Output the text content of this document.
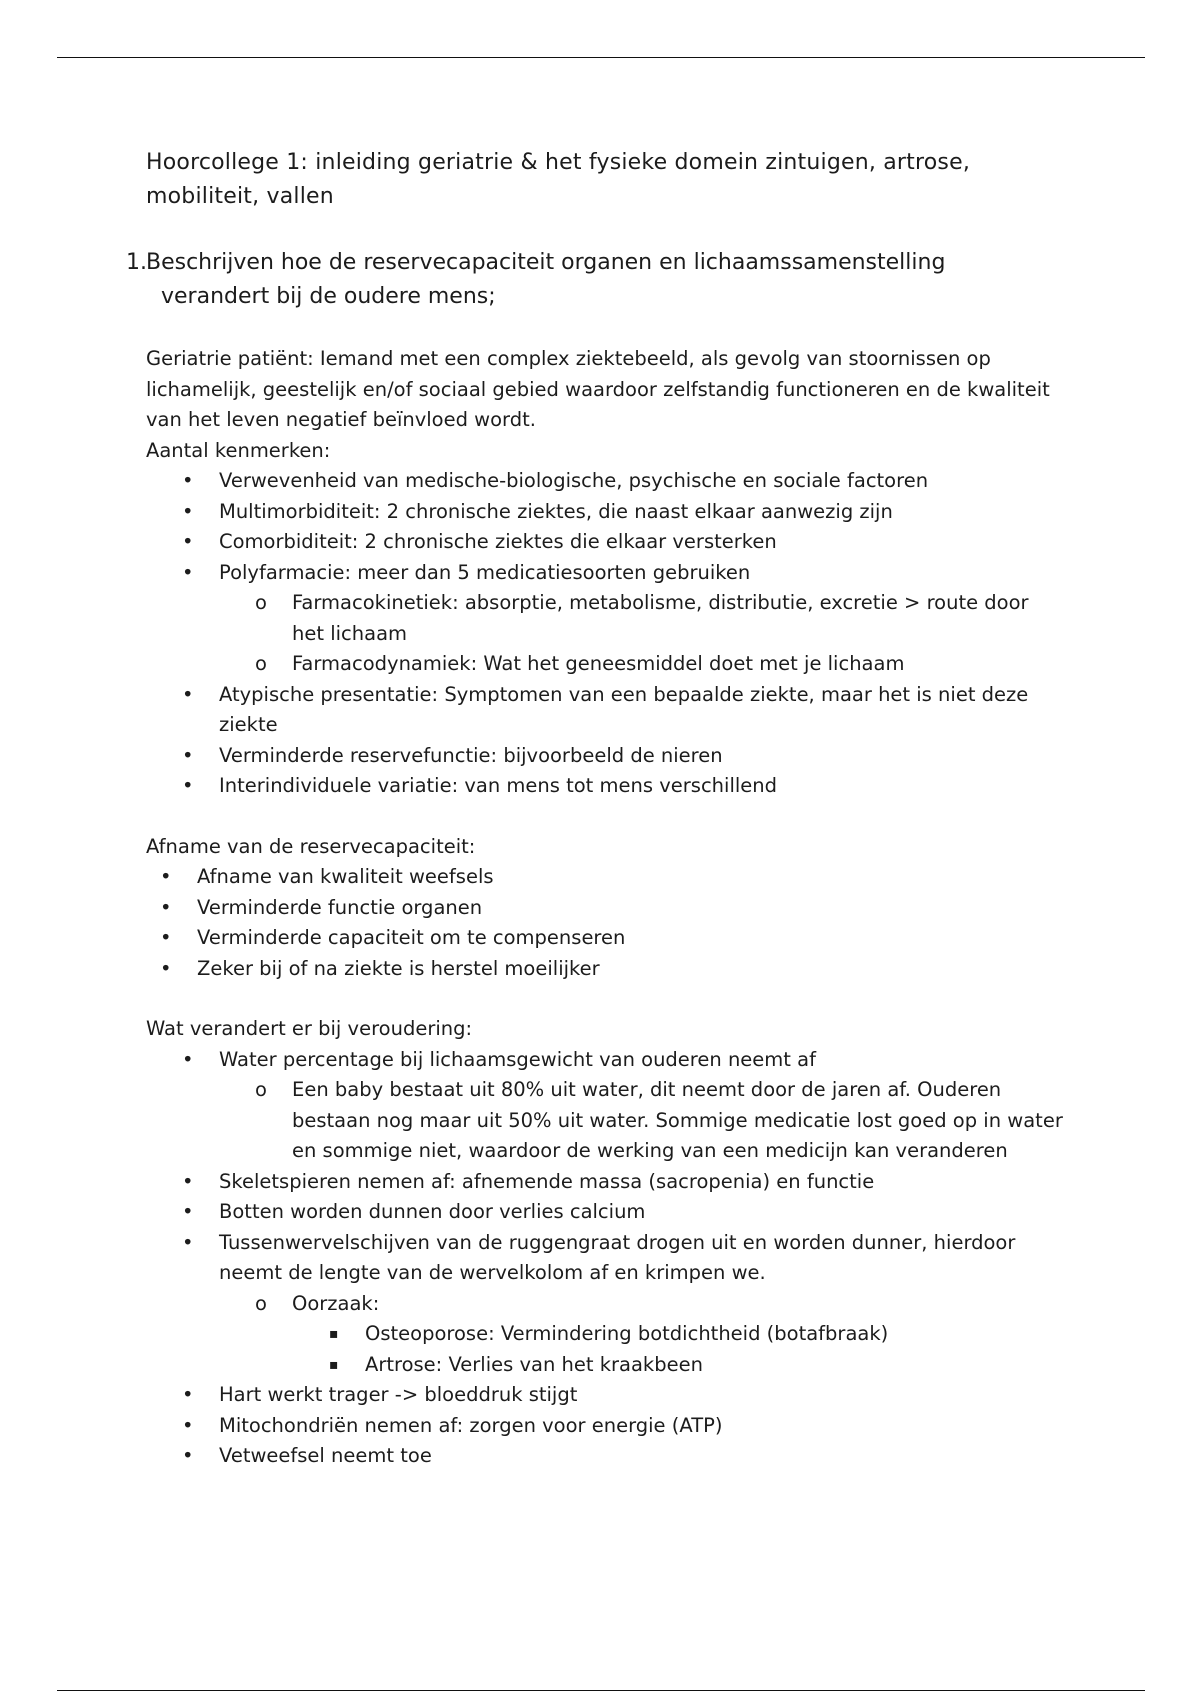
Hoorcollege 1: inleiding geriatrie & het fysieke domein zintuigen, artrose, mobiliteit, vallen

1. Beschrijven hoe de reservecapaciteit organen en lichaamssamenstelling
verandert bij de oudere mens;

Geriatrie patiënt: Iemand met een complex ziektebeeld, als gevolg van stoornissen op lichamelijk, geestelijk en/of sociaal gebied waardoor zelfstandig functioneren en de kwaliteit van het leven negatief beïnvloed wordt.

Aantal kenmerken:

• Verwevenheid van medische-biologische, psychische en sociale factoren
• Multimorbiditeit: 2 chronische ziektes, die naast elkaar aanwezig zijn
• Comorbiditeit: 2 chronische ziektes die elkaar versterken
• Polyfarmacie: meer dan 5 medicatiesoorten gebruiken
o Farmacokinetiek: absorptie, metabolisme, distributie, excretie > route door het lichaam
o Farmacodynamiek: Wat het geneesmiddel doet met je lichaam
• Atypische presentatie: Symptomen van een bepaalde ziekte, maar het is niet deze ziekte
• Verminderde reservefunctie: bijvoorbeeld de nieren
• Interindividuele variatie: van mens tot mens verschillend

Afname van de reservecapaciteit:

• Afname van kwaliteit weefsels
• Verminderde functie organen
• Verminderde capaciteit om te compenseren
• Zeker bij of na ziekte is herstel moeilijker

Wat verandert er bij veroudering:

• Water percentage bij lichaamsgewicht van ouderen neemt af
o Een baby bestaat uit 80% uit water, dit neemt door de jaren af. Ouderen bestaan nog maar uit 50% uit water. Sommige medicatie lost goed op in water en sommige niet, waardoor de werking van een medicijn kan veranderen
• Skeletspieren nemen af: afnemende massa (sacropenia) en functie
• Botten worden dunnen door verlies calcium
• Tussenwervelschijven van de ruggengraat drogen uit en worden dunner, hierdoor neemt de lengte van de wervelkolom af en krimpen we.
o Oorzaak:
▪ Osteoporose: Vermindering botdichtheid (botafbraak)
▪ Artrose: Verlies van het kraakbeen
• Hart werkt trager -> bloeddruk stijgt
• Mitochondriën nemen af: zorgen voor energie (ATP)
• Vetweefsel neemt toe
